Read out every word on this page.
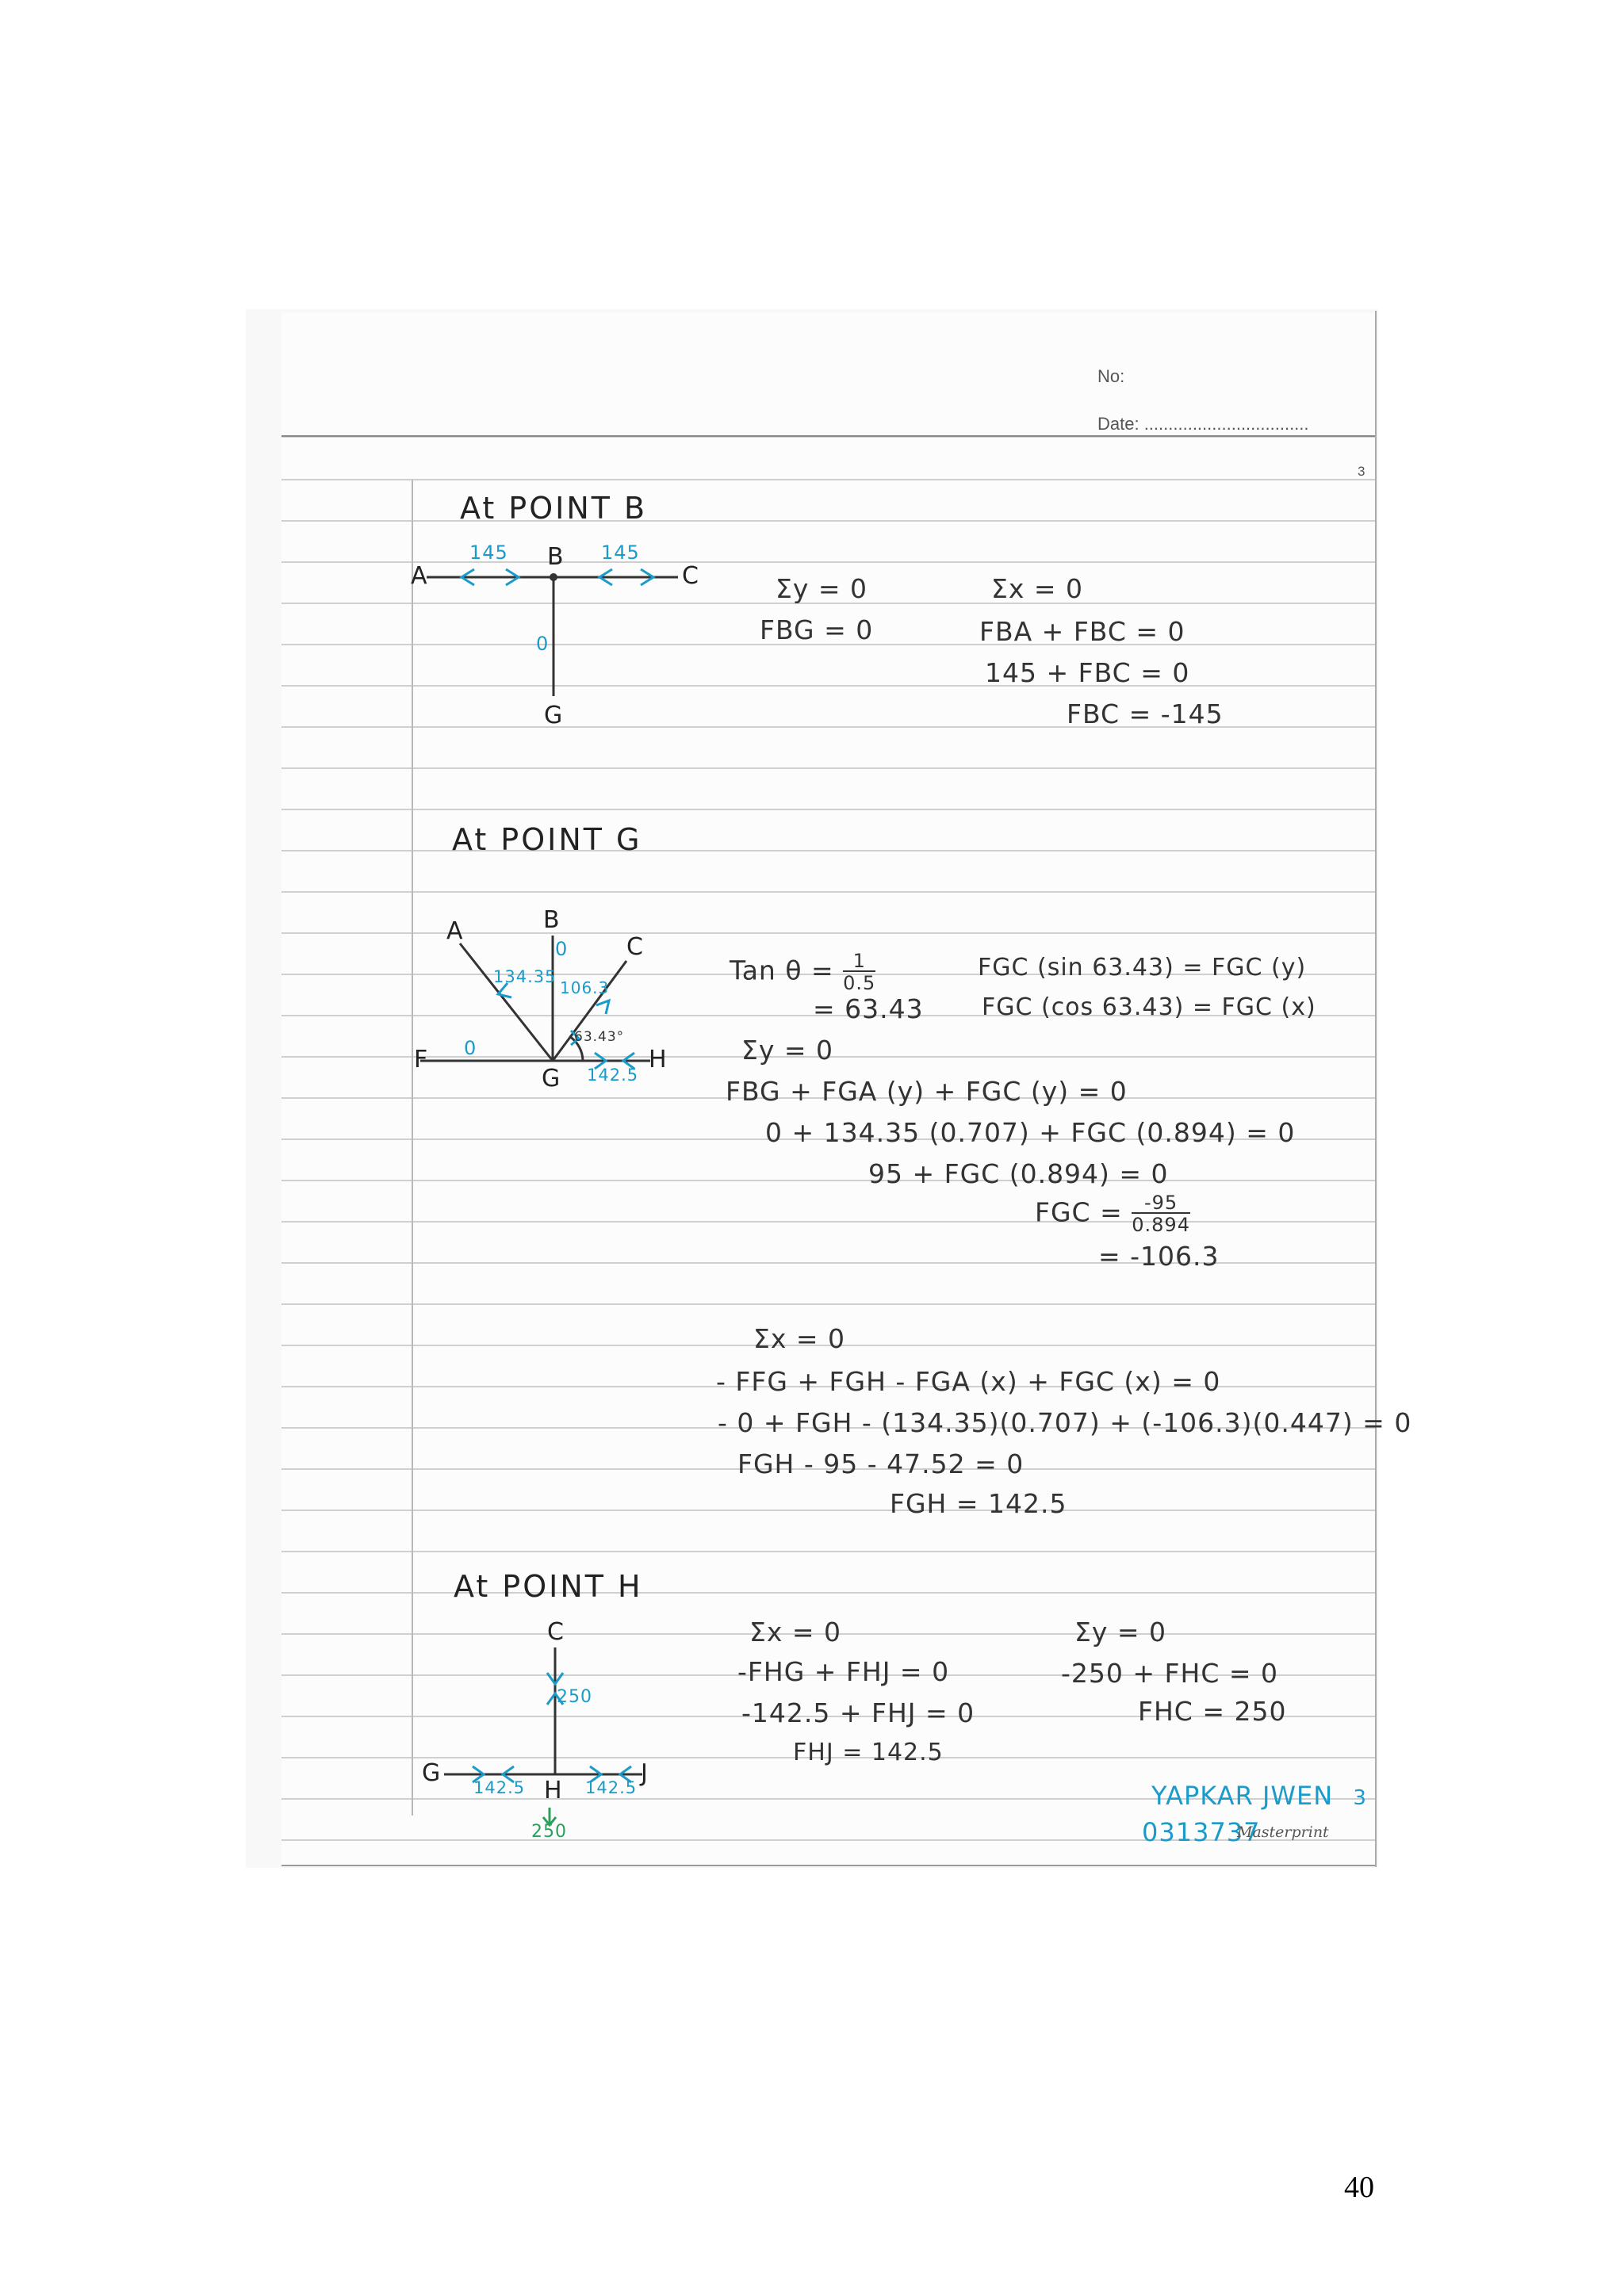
No:
Date: ..................................
3
At POINT B
A
B
C
G
145	145
0
Σy = 0
FBG = 0
Σx = 0
FBA + FBC = 0
145 + FBC = 0
FBC = -145
At POINT G
A	B
C
F
G
H
134.35
0
106.3
0
142.5
63.43°
Tan $\theta = \frac{1}{0.5}$
= 63.43
FGC (sin 63.43) = FGC (y)
FGC (cos 63.43) = FGC (x)
Σy = 0
FBG + FGA (y) + FGC (y) = 0
0 + 134.35 (0.707) + FGC (0.894) = 0
95 + FGC (0.894) = 0
FGC = $\frac{-95}{0.894}$
= -106.3
Σx = 0
- FFG + FGH - FGA (x) + FGC (x) = 0
- 0 + FGH - (134.35)(0.707) + (-106.3)(0.447) = 0
FGH - 95 - 47.52 = 0
FGH = 142.5
At POINT H
C
G
H
J
250
142.5	142.5
250
Σx = 0
-FHG + FHJ = 0
-142.5 + FHJ = 0
FHJ = 142.5
Σy = 0
-250 + FHC = 0
FHC = 250
YAPKAR JWEN 3
0313737
Masterprint
40
